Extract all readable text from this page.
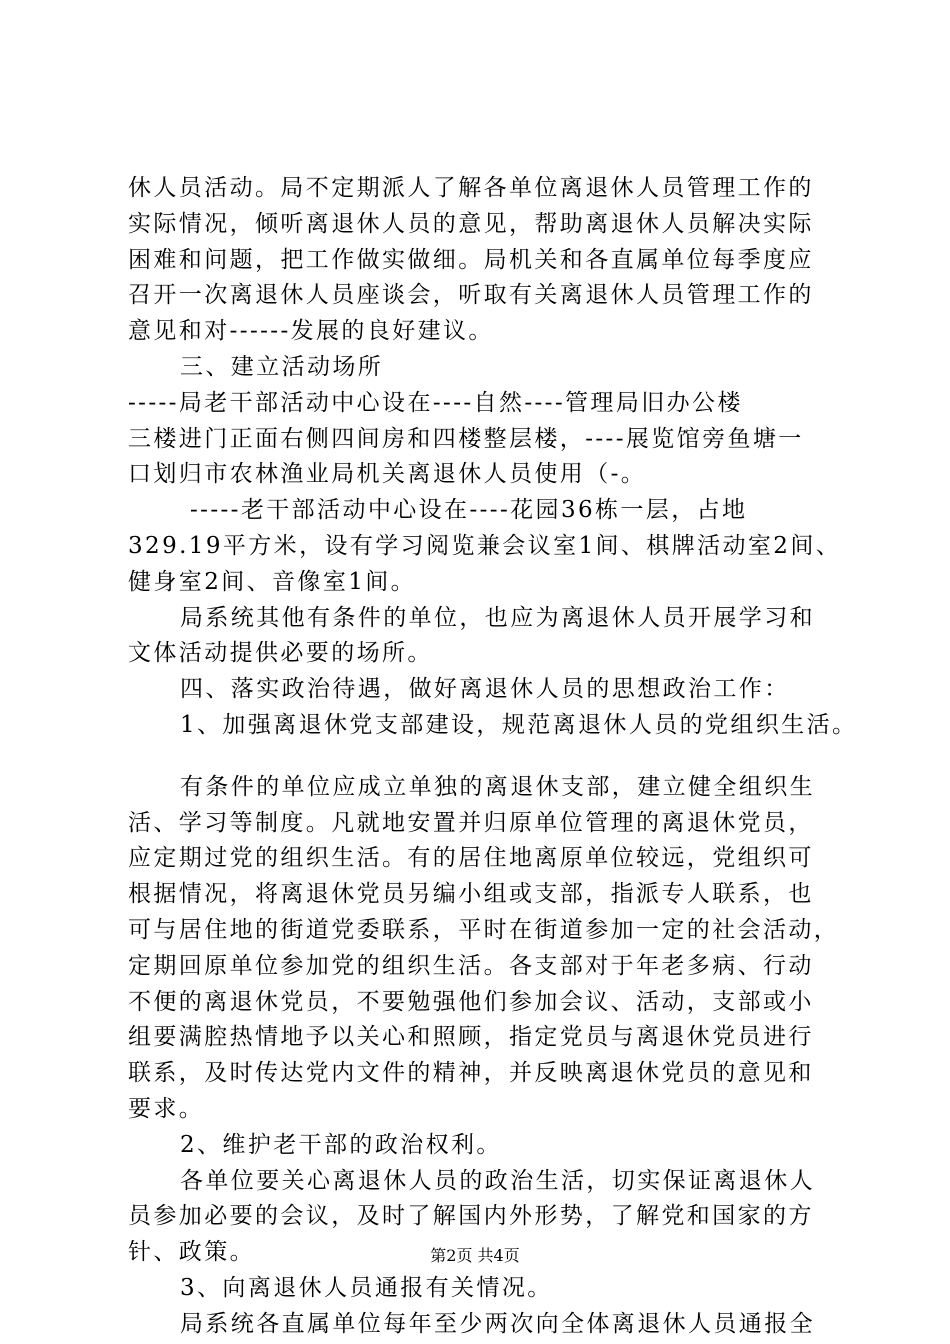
休人员活动。局不定期派人了解各单位离退休人员管理工作的
实际情况，倾听离退休人员的意见，帮助离退休人员解决实际
困难和问题，把工作做实做细。局机关和各直属单位每季度应
召开一次离退休人员座谈会，听取有关离退休人员管理工作的
意见和对------发展的良好建议。
三、建立活动场所
-----局老干部活动中心设在----自然----管理局旧办公楼
三楼进门正面右侧四间房和四楼整层楼，----展览馆旁鱼塘一
口划归市农林渔业局机关离退休人员使用（-。
-----老干部活动中心设在----花园36栋一层，占地
329.19平方米，设有学习阅览兼会议室1间、棋牌活动室2间、
健身室2间、音像室1间。
局系统其他有条件的单位，也应为离退休人员开展学习和
文体活动提供必要的场所。
四、落实政治待遇，做好离退休人员的思想政治工作：
1、加强离退休党支部建设，规范离退休人员的党组织生活。
有条件的单位应成立单独的离退休支部，建立健全组织生
活、学习等制度。凡就地安置并归原单位管理的离退休党员，
应定期过党的组织生活。有的居住地离原单位较远，党组织可
根据情况，将离退休党员另编小组或支部，指派专人联系，也
可与居住地的街道党委联系，平时在街道参加一定的社会活动，
定期回原单位参加党的组织生活。各支部对于年老多病、行动
不便的离退休党员，不要勉强他们参加会议、活动，支部或小
组要满腔热情地予以关心和照顾，指定党员与离退休党员进行
联系，及时传达党内文件的精神，并反映离退休党员的意见和
要求。
2、维护老干部的政治权利。
各单位要关心离退休人员的政治生活，切实保证离退休人
员参加必要的会议，及时了解国内外形势，了解党和国家的方
针、政策。
3、向离退休人员通报有关情况。
局系统各直属单位每年至少两次向全体离退休人员通报全
第2页 共4页
